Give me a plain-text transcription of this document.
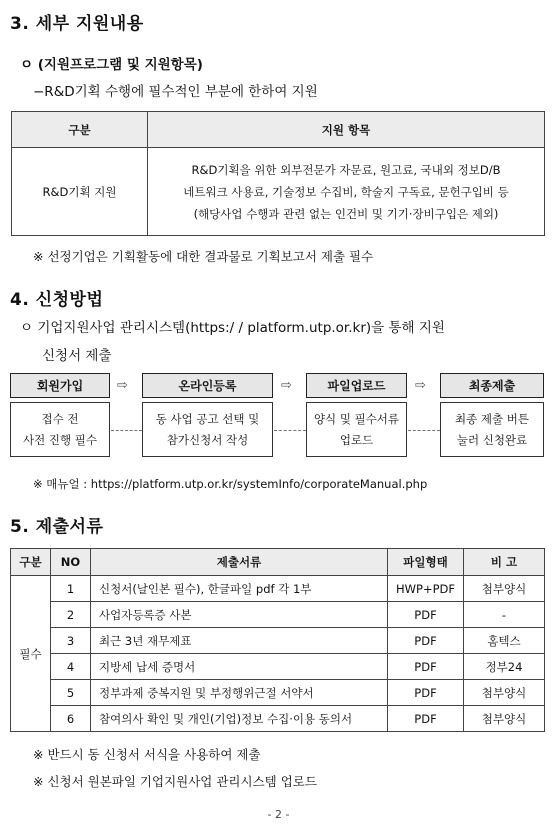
3. 세부 지원내용
ㅇ (지원프로그램 및 지원항목)
−R&D기획 수행에 필수적인 부분에 한하여 지원
구분	지원 항목
R&D기획 지원	R&D기획을 위한 외부전문가 자문료, 원고료, 국내외 정보D/B
네트워크 사용료, 기술정보 수집비, 학술지 구독료, 문헌구입비 등
(해당사업 수행과 관련 없는 인건비 및 기기·장비구입은 제외)
※ 선정기업은 기획활동에 대한 결과물로 기획보고서 제출 필수
4. 신청방법
ㅇ 기업지원사업 관리시스템(https:/ / platform.utp.or.kr)을 통해 지원
신청서 제출
회원가입
접수 전
사전 진행 필수
⇨	온라인등록
동 사업 공고 선택 및
참가신청서 작성
⇨	파일업로드
양식 및 필수서류
업로드
⇨	최종제출
최종 제출 버튼
눌러 신청완료
※ 매뉴얼 : https://platform.utp.or.kr/systemInfo/corporateManual.php
5. 제출서류
구분	NO	제출서류	파일형태	비 고
필수	1	신청서(날인본 필수), 한글파일 pdf 각 1부	HWP+PDF	첨부양식
	2	사업자등록증 사본	PDF	-
	3	최근 3년 재무제표	PDF	홈텍스
	4	지방세 납세 증명서	PDF	정부24
	5	정부과제 중복지원 및 부정행위근절 서약서	PDF	첨부양식
	6	참여의사 확인 및 개인(기업)정보 수집·이용 동의서	PDF	첨부양식
※ 반드시 동 신청서 서식을 사용하여 제출
※ 신청서 원본파일 기업지원사업 관리시스템 업로드
- 2 -
